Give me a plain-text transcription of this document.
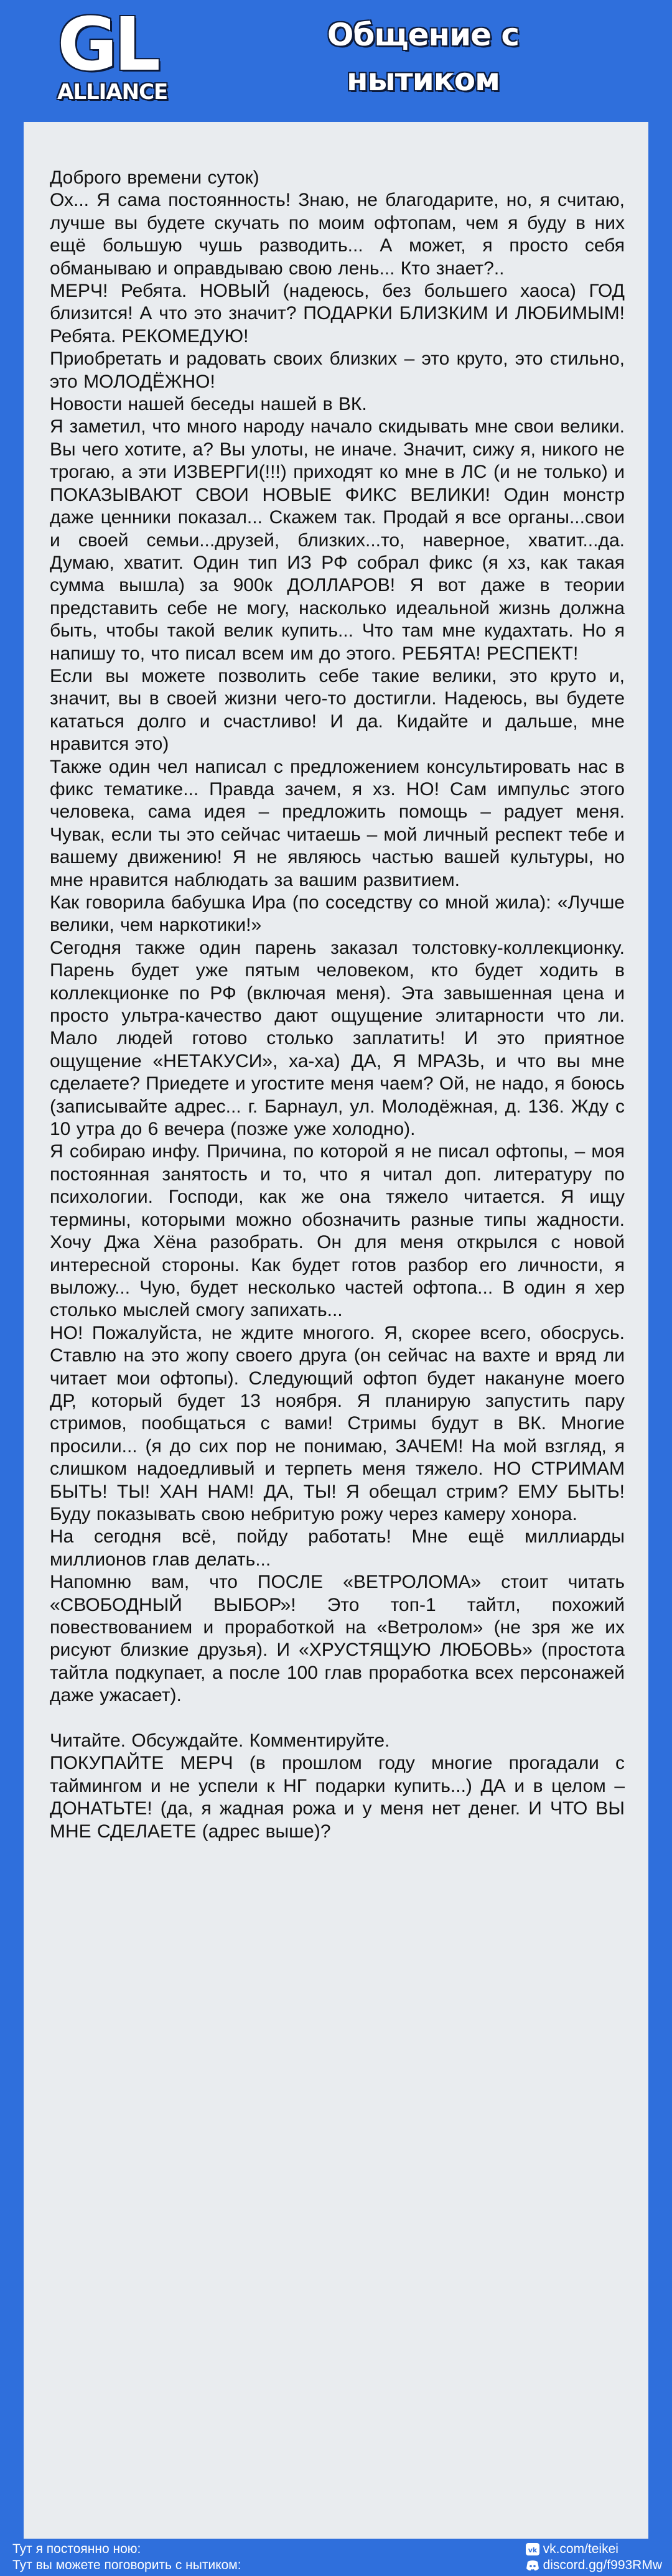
GL
ALLIANCE
Общение с нытиком

Доброго времени суток)

Ох... Я сама постоянность! Знаю, не благодарите, но, я считаю, лучше вы будете скучать по моим офтопам, чем я буду в них ещё большую чушь разводить... А может, я просто себя обманываю и оправдываю свою лень... Кто знает?..

МЕРЧ! Ребята. НОВЫЙ (надеюсь, без большего хаоса) ГОД близится! А что это значит? ПОДАРКИ БЛИЗКИМ И ЛЮБИМЫМ! Ребята. РЕКОМЕДУЮ!

Приобретать и радовать своих близких – это круто, это стильно, это МОЛОДЁЖНО!

Новости нашей беседы нашей в ВК.

Я заметил, что много народу начало скидывать мне свои велики. Вы чего хотите, а? Вы улоты, не иначе. Значит, сижу я, никого не трогаю, а эти ИЗВЕРГИ(!!!) приходят ко мне в ЛС (и не только) и ПОКАЗЫВАЮТ СВОИ НОВЫЕ ФИКС ВЕЛИКИ! Один монстр даже ценники показал... Скажем так. Продай я все органы...свои и своей семьи...друзей, близких...то, наверное, хватит...да. Думаю, хватит. Один тип ИЗ РФ собрал фикс (я хз, как такая сумма вышла) за 900к ДОЛЛАРОВ! Я вот даже в теории представить себе не могу, насколько идеальной жизнь должна быть, чтобы такой велик купить... Что там мне кудахтать. Но я напишу то, что писал всем им до этого. РЕБЯТА! РЕСПЕКТ!

Если вы можете позволить себе такие велики, это круто и, значит, вы в своей жизни чего-то достигли. Надеюсь, вы будете кататься долго и счастливо! И да. Кидайте и дальше, мне нравится это)

Также один чел написал с предложением консультировать нас в фикс тематике... Правда зачем, я хз. НО! Сам импульс этого человека, сама идея – предложить помощь – радует меня. Чувак, если ты это сейчас читаешь – мой личный респект тебе и вашему движению! Я не являюсь частью вашей культуры, но мне нравится наблюдать за вашим развитием.

Как говорила бабушка Ира (по соседству со мной жила): «Лучше велики, чем наркотики!»

Сегодня также один парень заказал толстовку-коллекционку. Парень будет уже пятым человеком, кто будет ходить в коллекционке по РФ (включая меня). Эта завышенная цена и просто ультра-качество дают ощущение элитарности что ли. Мало людей готово столько заплатить! И это приятное ощущение «НЕТАКУСИ», ха-ха) ДА, Я МРАЗЬ, и что вы мне сделаете? Приедете и угостите меня чаем? Ой, не надо, я боюсь (записывайте адрес... г. Барнаул, ул. Молодёжная, д. 136. Жду с 10 утра до 6 вечера (позже уже холодно).

Я собираю инфу. Причина, по которой я не писал офтопы, – моя постоянная занятость и то, что я читал доп. литературу по психологии. Господи, как же она тяжело читается. Я ищу термины, которыми можно обозначить разные типы жадности. Хочу Джа Хёна разобрать. Он для меня открылся с новой интересной стороны. Как будет готов разбор его личности, я выложу... Чую, будет несколько частей офтопа... В один я хер столько мыслей смогу запихать...

НО! Пожалуйста, не ждите многого. Я, скорее всего, обосрусь. Ставлю на это жопу своего друга (он сейчас на вахте и вряд ли читает мои офтопы). Следующий офтоп будет накануне моего ДР, который будет 13 ноября. Я планирую запустить пару стримов, пообщаться с вами! Стримы будут в ВК. Многие просили... (я до сих пор не понимаю, ЗАЧЕМ! На мой взгляд, я слишком надоедливый и терпеть меня тяжело. НО СТРИМАМ БЫТЬ! ТЫ! ХАН НАМ! ДА, ТЫ! Я обещал стрим? ЕМУ БЫТЬ! Буду показывать свою небритую рожу через камеру хонора.

На сегодня всё, пойду работать! Мне ещё миллиарды миллионов глав делать...

Напомню вам, что ПОСЛЕ «ВЕТРОЛОМА» стоит читать «СВОБОДНЫЙ ВЫБОР»! Это топ-1 тайтл, похожий повествованием и проработкой на «Ветролом» (не зря же их рисуют близкие друзья). И «ХРУСТЯЩУЮ ЛЮБОВЬ» (простота тайтла подкупает, а после 100 глав проработка всех персонажей даже ужасает).

Читайте. Обсуждайте. Комментируйте.

ПОКУПАЙТЕ МЕРЧ (в прошлом году многие прогадали с таймингом и не успели к НГ подарки купить...) ДА и в целом – ДОНАТЬТЕ! (да, я жадная рожа и у меня нет денег. И ЧТО ВЫ МНЕ СДЕЛАЕТЕ (адрес выше)?

Тут я постоянно ною:
Тут вы можете поговорить с нытиком:
vk vk.com/teikei
discord.gg/f993RMw
